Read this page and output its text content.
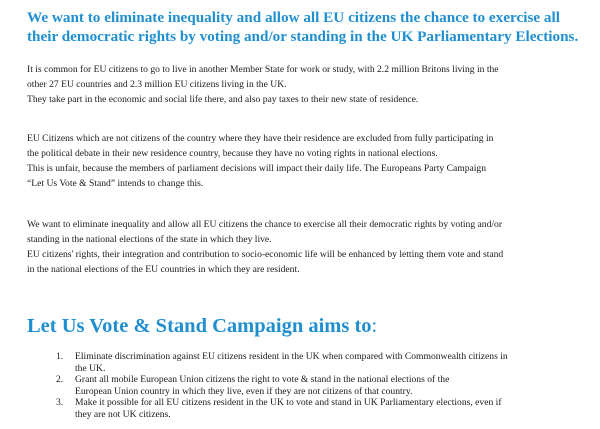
We want to eliminate inequality and allow all EU citizens the chance to exercise all
their democratic rights by voting and/or standing in the UK Parliamentary Elections.

It is common for EU citizens to go to live in another Member State for work or study, with 2.2 million Britons living in the
other 27 EU countries and 2.3 million EU citizens living in the UK.
They take part in the economic and social life there, and also pay taxes to their new state of residence.

EU Citizens which are not citizens of the country where they have their residence are excluded from fully participating in
the political debate in their new residence country, because they have no voting rights in national elections.
This is unfair, because the members of parliament decisions will impact their daily life. The Europeans Party Campaign
“Let Us Vote & Stand” intends to change this.

We want to eliminate inequality and allow all EU citizens the chance to exercise all their democratic rights by voting and/or
standing in the national elections of the state in which they live.
EU citizens' rights, their integration and contribution to socio-economic life will be enhanced by letting them vote and stand
in the national elections of the EU countries in which they are resident.

Let Us Vote & Stand Campaign aims to:
1. Eliminate discrimination against EU citizens resident in the UK when compared with Commonwealth citizens in
the UK.
2. Grant all mobile European Union citizens the right to vote & stand in the national elections of the
European Union country in which they live, even if they are not citizens of that country.
3. Make it possible for all EU citizens resident in the UK to vote and stand in UK Parliamentary elections, even if
they are not UK citizens.
